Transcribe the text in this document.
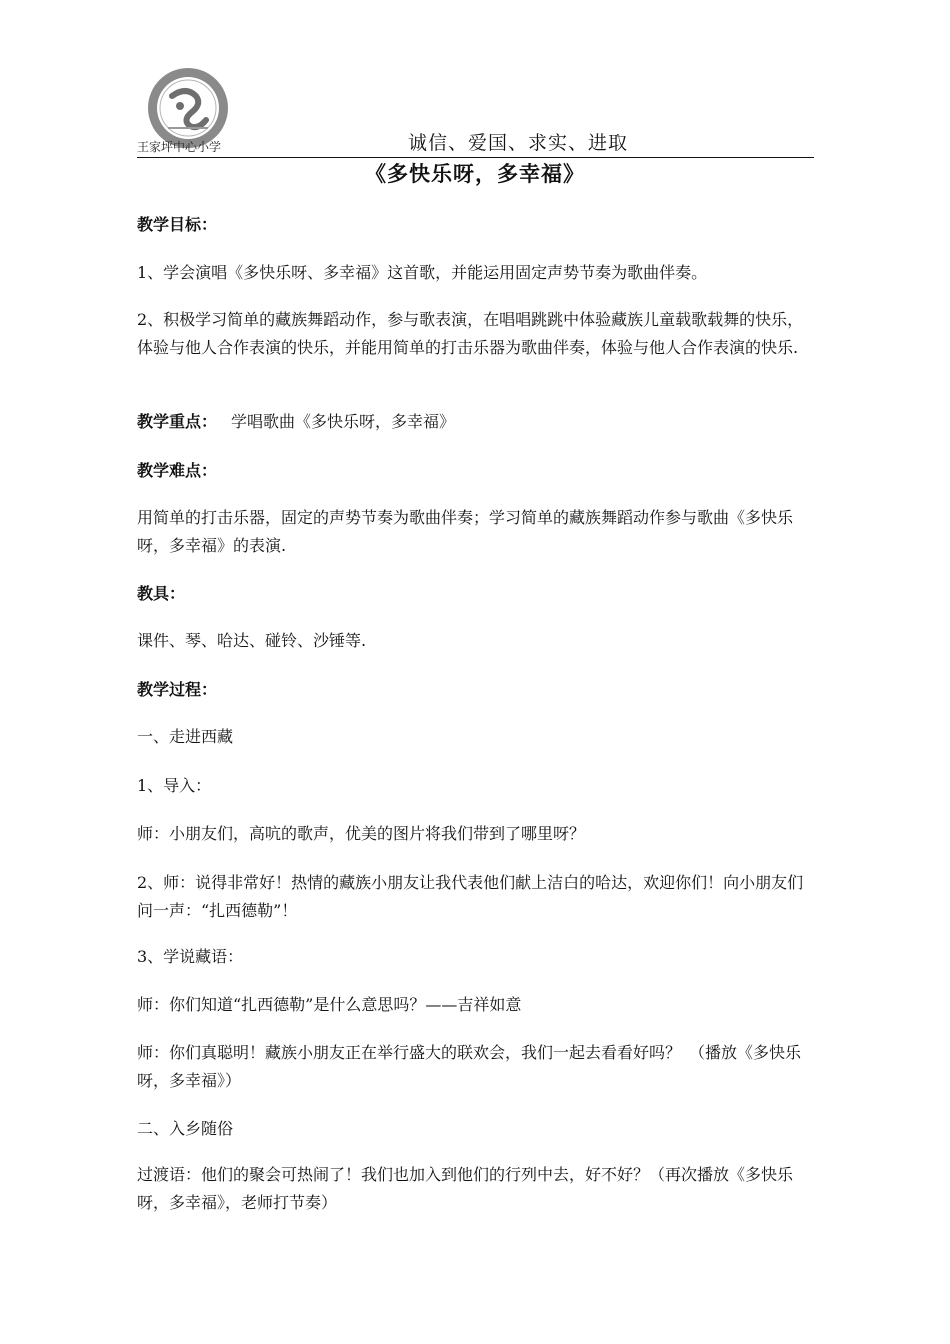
王家坪中心小学	诚信、爱国、求实、进取
《多快乐呀，多幸福》

教学目标：

1、学会演唱《多快乐呀、多幸福》这首歌，并能运用固定声势节奏为歌曲伴奏。

2、积极学习简单的藏族舞蹈动作，参与歌表演，在唱唱跳跳中体验藏族儿童载歌载舞的快乐，体验与他人合作表演的快乐，并能用简单的打击乐器为歌曲伴奏，体验与他人合作表演的快乐.

教学重点： 学唱歌曲《多快乐呀，多幸福》

教学难点：

用简单的打击乐器，固定的声势节奏为歌曲伴奏；学习简单的藏族舞蹈动作参与歌曲《多快乐呀，多幸福》的表演.

教具：

课件、琴、哈达、碰铃、沙锤等.

教学过程：

一、走进西藏

1、导入：

师：小朋友们，高吭的歌声，优美的图片将我们带到了哪里呀？

2、师：说得非常好！热情的藏族小朋友让我代表他们献上洁白的哈达，欢迎你们！向小朋友们问一声：“扎西德勒”！

3、学说藏语：

师：你们知道“扎西德勒”是什么意思吗？——吉祥如意

师：你们真聪明！藏族小朋友正在举行盛大的联欢会，我们一起去看看好吗？　（播放《多快乐呀，多幸福》）

二、入乡随俗

过渡语：他们的聚会可热闹了！我们也加入到他们的行列中去，好不好？（再次播放《多快乐呀，多幸福》，老师打节奏）
